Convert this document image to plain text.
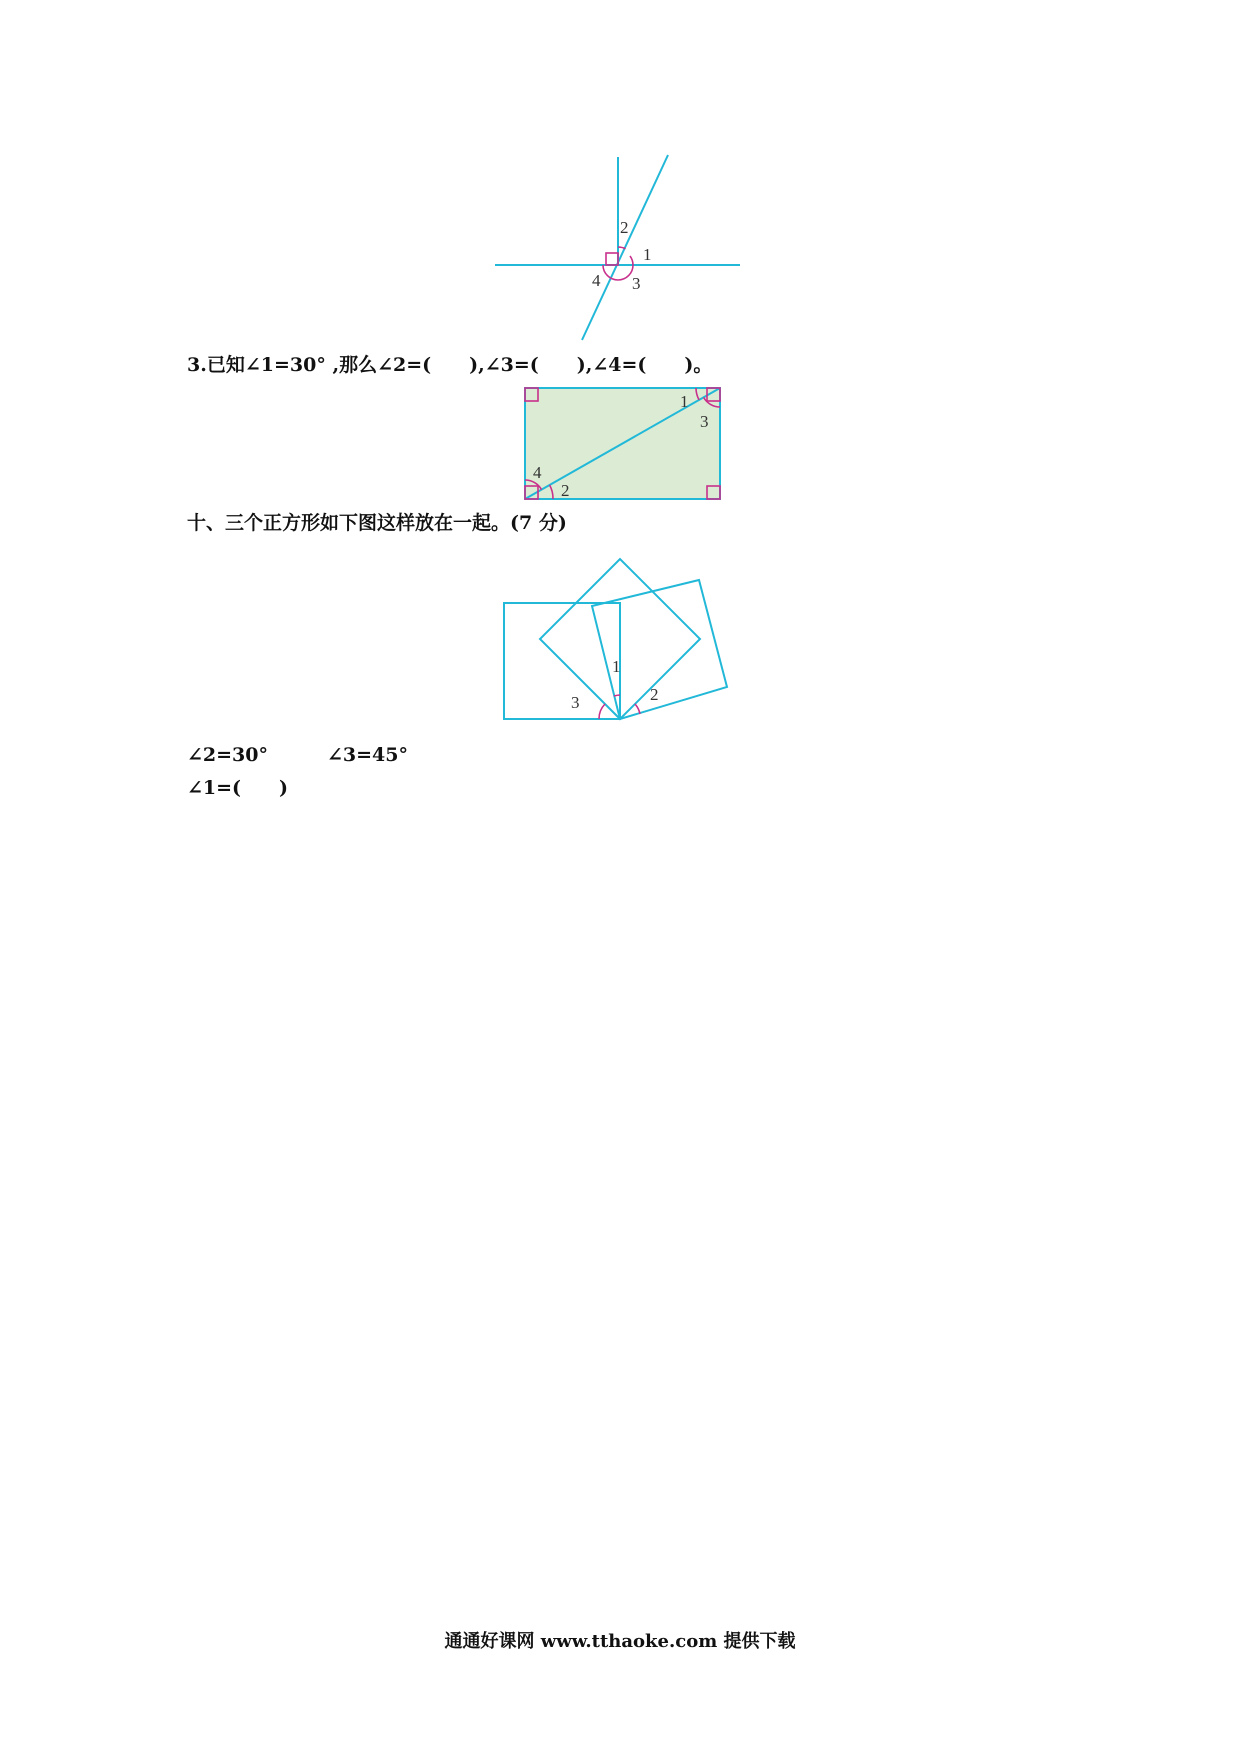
2
1
4 3
3.已知∠1=30° ,那么∠2=(　　),∠3=(　　),∠4=(　　)。
1
3
4
2
十、三个正方形如下图这样放在一起。(7 分)
1
3	2
∠2=30°	∠3=45°
∠1=(　　)
通通好课网 www.tthaoke.com 提供下载
